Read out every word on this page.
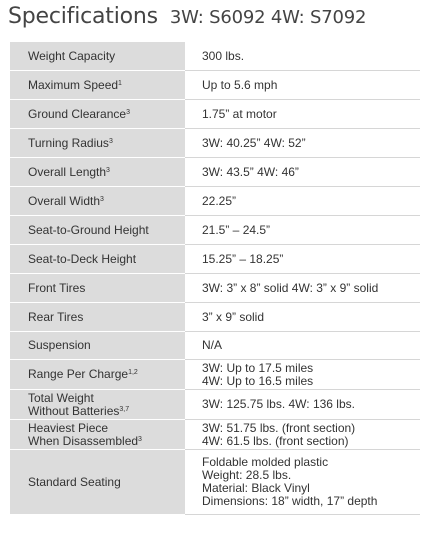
Specifications 3W: S6092 4W: S7092
Weight Capacity	300 lbs.

Maximum Speed$^1$	Up to 5.6 mph

Ground Clearance$^3$	1.75” at motor

Turning Radius$^3$	3W: 40.25” 4W: 52”

Overall Length$^3$	3W: 43.5” 4W: 46”

Overall Width$^3$	22.25”

Seat-to-Ground Height	21.5” – 24.5”

Seat-to-Deck Height	15.25” – 18.25”

Front Tires	3W: 3” x 8” solid 4W: 3” x 9” solid

Rear Tires	3” x 9” solid

Suspension	N/A

Range Per Charge$^{1,2}$	3W: Up to 17.5 miles
4W: Up to 16.5 miles

Total Weight
Without Batteries$^{3,7}$	3W: 125.75 lbs. 4W: 136 lbs.

Heaviest Piece
When Disassembled$^3$	3W: 51.75 lbs. (front section)
4W: 61.5 lbs. (front section)

Standard Seating	Foldable molded plastic
Weight: 28.5 lbs.
Material: Black Vinyl
Dimensions: 18” width, 17” depth
